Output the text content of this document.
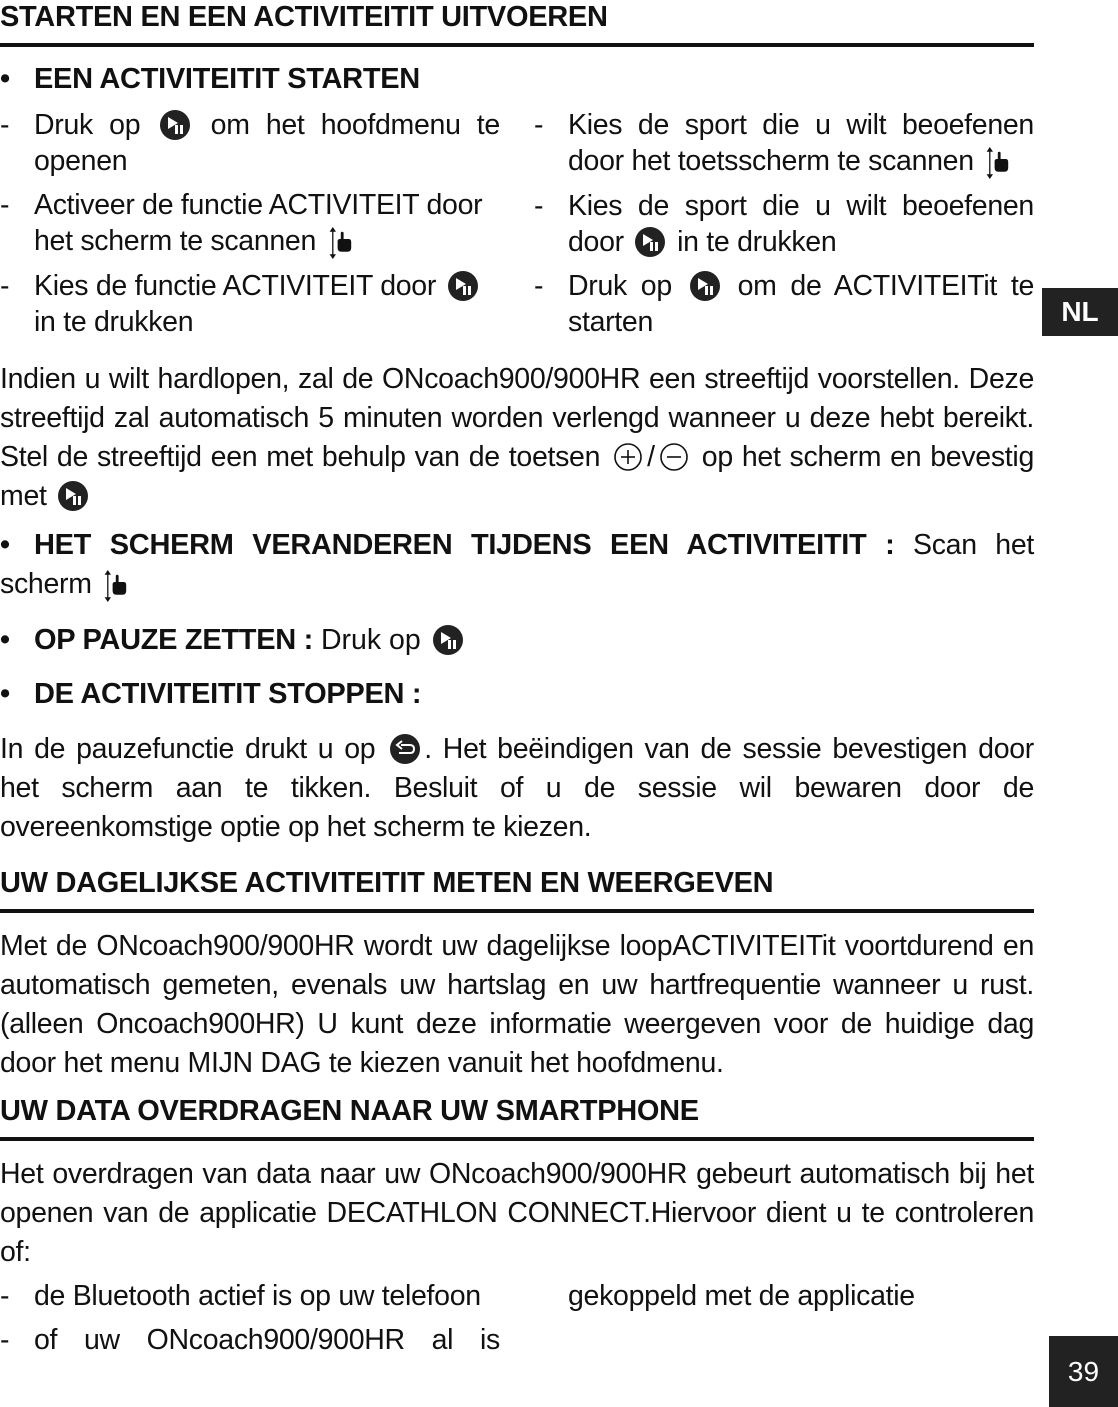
STARTEN EN EEN ACTIVITEITIT UITVOEREN
• EEN ACTIVITEITIT STARTEN
- Druk op om het hoofdmenu te openen
- Activeer de functie ACTIVITEIT door het scherm te scannen
- Kies de functie ACTIVITEIT door  in te drukken
- Kies de sport die u wilt beoefenen door het toetsscherm te scannen
- Kies de sport die u wilt beoefenen door in te drukken
- Druk op om de ACTIVITEITit te starten

Indien u wilt hardlopen, zal de ONcoach900/900HR een streeftijd voorstellen. Deze streeftijd zal automatisch 5 minuten worden verlengd wanneer u deze hebt bereikt. Stel de streeftijd een met behulp van de toetsen / op het scherm en bevestig met

• HET SCHERM VERANDEREN TIJDENS EEN ACTIVITEITIT : Scan het scherm
• OP PAUZE ZETTEN : Druk op
• DE ACTIVITEITIT STOPPEN :

In de pauzefunctie drukt u op . Het beëindigen van de sessie bevestigen door het scherm aan te tikken. Besluit of u de sessie wil bewaren door de overeenkomstige optie op het scherm te kiezen.

UW DAGELIJKSE ACTIVITEITIT METEN EN WEERGEVEN

Met de ONcoach900/900HR wordt uw dagelijkse loopACTIVITEITit voortdurend en automatisch gemeten, evenals uw hartslag en uw hartfrequentie wanneer u rust. (alleen Oncoach900HR) U kunt deze informatie weergeven voor de huidige dag door het menu MIJN DAG te kiezen vanuit het hoofdmenu.

UW DATA OVERDRAGEN NAAR UW SMARTPHONE

Het overdragen van data naar uw ONcoach900/900HR gebeurt automatisch bij het openen van de applicatie DECATHLON CONNECT.Hiervoor dient u te controleren of:

- de Bluetooth actief is op uw telefoon
- of uw ONcoach900/900HR al is
gekoppeld met de applicatie
NL
39
